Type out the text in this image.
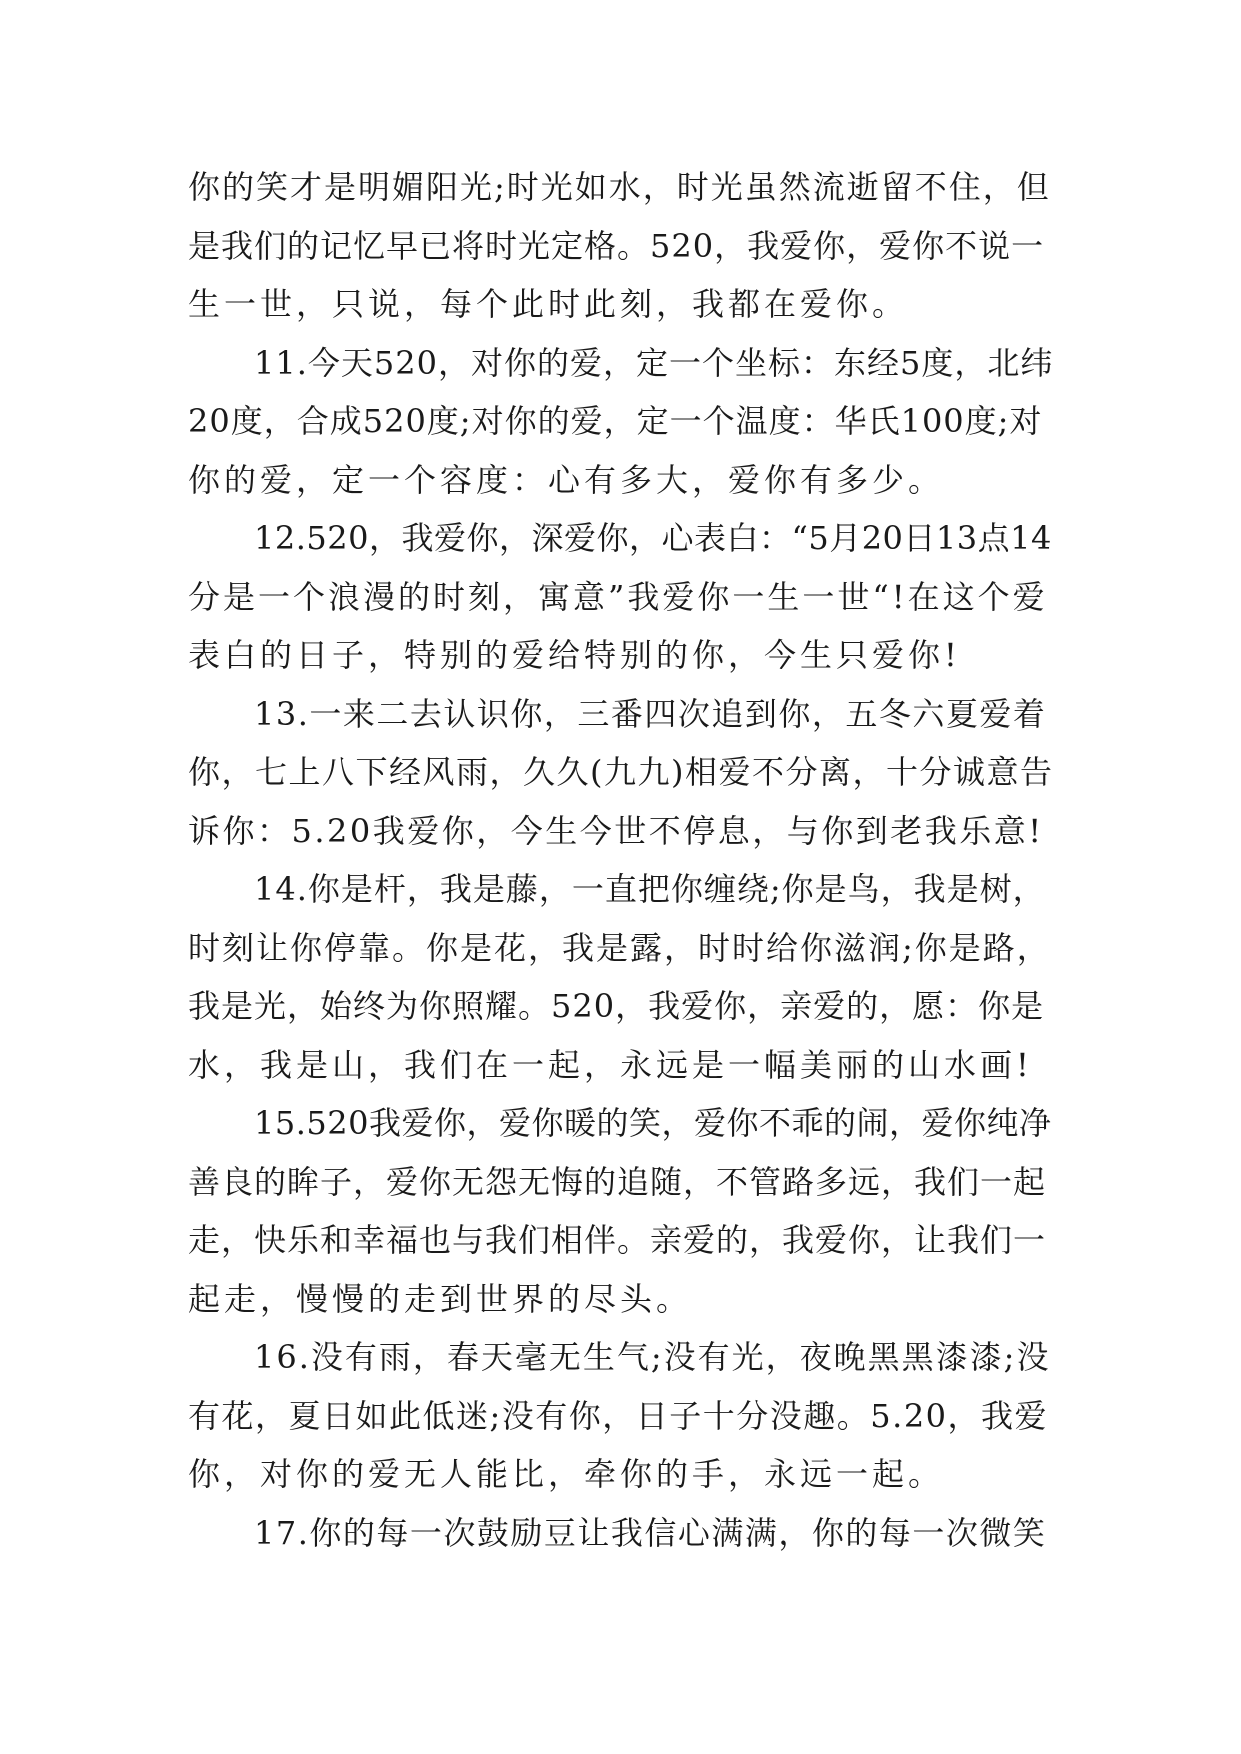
你的笑才是明媚阳光;时光如水，时光虽然流逝留不住，但
是我们的记忆早已将时光定格。520，我爱你，爱你不说一
生一世，只说，每个此时此刻，我都在爱你。
11.今天520，对你的爱，定一个坐标：东经5度，北纬
20度，合成520度;对你的爱，定一个温度：华氏100度;对
你的爱，定一个容度：心有多大，爱你有多少。
12.520，我爱你，深爱你，心表白：“5月20日13点14
分是一个浪漫的时刻，寓意”我爱你一生一世“!在这个爱
表白的日子，特别的爱给特别的你，今生只爱你!
13.一来二去认识你，三番四次追到你，五冬六夏爱着
你，七上八下经风雨，久久(九九)相爱不分离，十分诚意告
诉你：5.20我爱你，今生今世不停息，与你到老我乐意!
14.你是杆，我是藤，一直把你缠绕;你是鸟，我是树，
时刻让你停靠。你是花，我是露，时时给你滋润;你是路，
我是光，始终为你照耀。520，我爱你，亲爱的，愿：你是
水，我是山，我们在一起，永远是一幅美丽的山水画!
15.520我爱你，爱你暖的笑，爱你不乖的闹，爱你纯净
善良的眸子，爱你无怨无悔的追随，不管路多远，我们一起
走，快乐和幸福也与我们相伴。亲爱的，我爱你，让我们一
起走，慢慢的走到世界的尽头。
16.没有雨，春天毫无生气;没有光，夜晚黑黑漆漆;没
有花，夏日如此低迷;没有你，日子十分没趣。5.20，我爱
你，对你的爱无人能比，牵你的手，永远一起。
17.你的每一次鼓励豆让我信心满满，你的每一次微笑
